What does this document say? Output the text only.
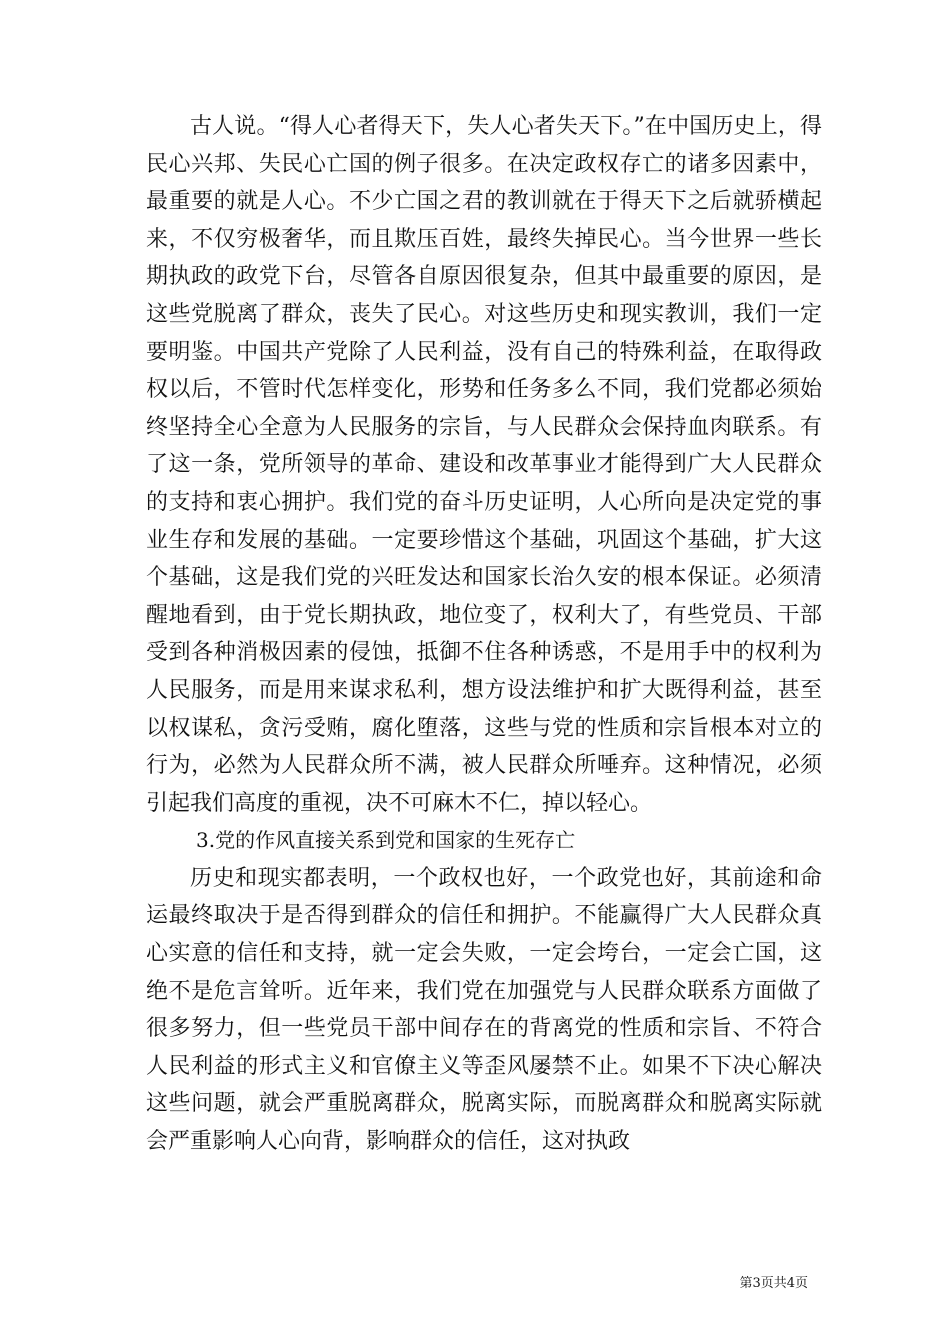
古人说。“得人心者得天下，失人心者失天下。”在中国历史上，得民心兴邦、失民心亡国的例子很多。在决定政权存亡的诸多因素中，最重要的就是人心。不少亡国之君的教训就在于得天下之后就骄横起来，不仅穷极奢华，而且欺压百姓，最终失掉民心。当今世界一些长期执政的政党下台，尽管各自原因很复杂，但其中最重要的原因，是这些党脱离了群众，丧失了民心。对这些历史和现实教训，我们一定要明鉴。中国共产党除了人民利益，没有自己的特殊利益，在取得政权以后，不管时代怎样变化，形势和任务多么不同，我们党都必须始终坚持全心全意为人民服务的宗旨，与人民群众会保持血肉联系。有了这一条，党所领导的革命、建设和改革事业才能得到广大人民群众的支持和衷心拥护。我们党的奋斗历史证明，人心所向是决定党的事业生存和发展的基础。一定要珍惜这个基础，巩固这个基础，扩大这个基础，这是我们党的兴旺发达和国家长治久安的根本保证。必须清醒地看到，由于党长期执政，地位变了，权利大了，有些党员、干部受到各种消极因素的侵蚀，抵御不住各种诱惑，不是用手中的权利为人民服务，而是用来谋求私利，想方设法维护和扩大既得利益，甚至以权谋私，贪污受贿，腐化堕落，这些与党的性质和宗旨根本对立的行为，必然为人民群众所不满，被人民群众所唾弃。这种情况，必须引起我们高度的重视，决不可麻木不仁，掉以轻心。

3.党的作风直接关系到党和国家的生死存亡

历史和现实都表明，一个政权也好，一个政党也好，其前途和命运最终取决于是否得到群众的信任和拥护。不能赢得广大人民群众真心实意的信任和支持，就一定会失败，一定会垮台，一定会亡国，这绝不是危言耸听。近年来，我们党在加强党与人民群众联系方面做了很多努力，但一些党员干部中间存在的背离党的性质和宗旨、不符合人民利益的形式主义和官僚主义等歪风屡禁不止。如果不下决心解决这些问题，就会严重脱离群众，脱离实际，而脱离群众和脱离实际就会严重影响人心向背，影响群众的信任，这对执政

第3页共4页
